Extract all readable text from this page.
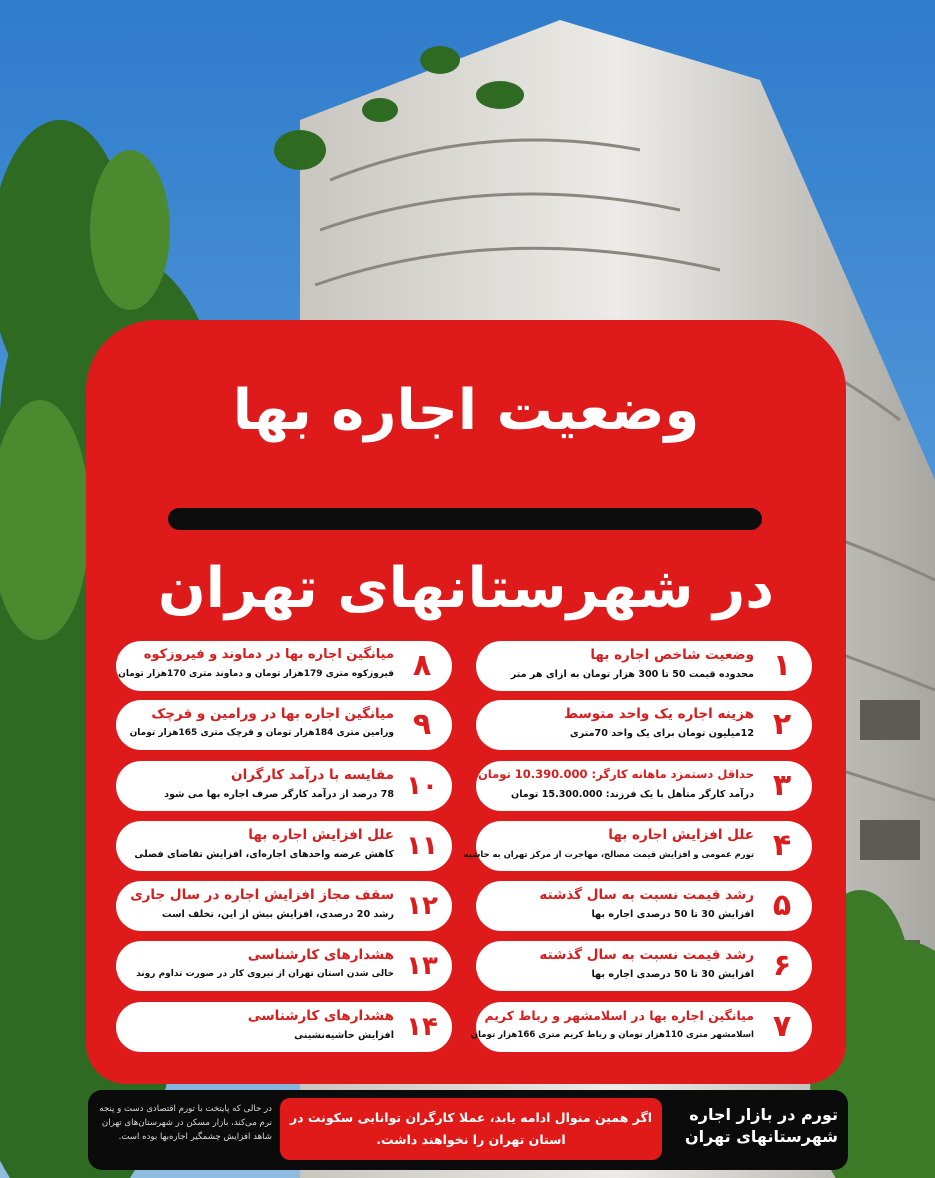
وضعیت اجاره بها
در شهرستانهای تهران
۱
وضعیت شاخص اجاره بها
محدوده قیمت 50 تا 300 هزار تومان به ازای هر متر
۲
هزینه اجاره یک واحد متوسط
12میلیون تومان برای یک واحد 70متری
۳
حداقل دستمزد ماهانه کارگر: 10.390.000 تومان
درآمد کارگر متأهل با یک فرزند: 15.300.000 تومان
۴
علل افزایش اجاره بها
تورم عمومی و افزایش قیمت مصالح، مهاجرت از مرکز تهران به حاشیه
۵
رشد قیمت نسبت به سال گذشته
افزایش 30 تا 50 درصدی اجاره بها
۶
رشد قیمت نسبت به سال گذشته
افزایش 30 تا 50 درصدی اجاره بها
۷
میانگین اجاره بها در اسلامشهر و رباط کریم
اسلامشهر متری 110هزار تومان و رباط کریم متری 166هزار تومان
۸
میانگین اجاره بها در دماوند و فیروزکوه
فیروزکوه متری 179هزار تومان و دماوند متری 170هزار تومان
۹
میانگین اجاره بها در ورامین و قرچک
ورامین متری 184هزار تومان و قرچک متری 165هزار تومان
۱۰
مقایسه با درآمد کارگران
78 درصد از درآمد کارگر صرف اجاره بها می شود
۱۱
علل افزایش اجاره بها
کاهش عرضه واحدهای اجاره‌ای، افزایش تقاضای فصلی
۱۲
سقف مجاز افزایش اجاره در سال جاری
رشد 20 درصدی، افزایش بیش از این، تخلف است
۱۳
هشدارهای کارشناسی
خالی شدن استان تهران از نیروی کار در صورت تداوم روند
۱۴
هشدارهای کارشناسی
افزایش حاشیه‌نشینی
تورم در بازار اجاره شهرستانهای تهران
اگر همین منوال ادامه یابد، عملا کارگران توانایی سکونت در استان تهران را نخواهند داشت.
در حالی که پایتخت با تورم اقتصادی دست و پنجه نرم می‌کند، بازار مسکن در شهرستان‌های تهران شاهد افزایش چشمگیر اجاره‌بها بوده است.
